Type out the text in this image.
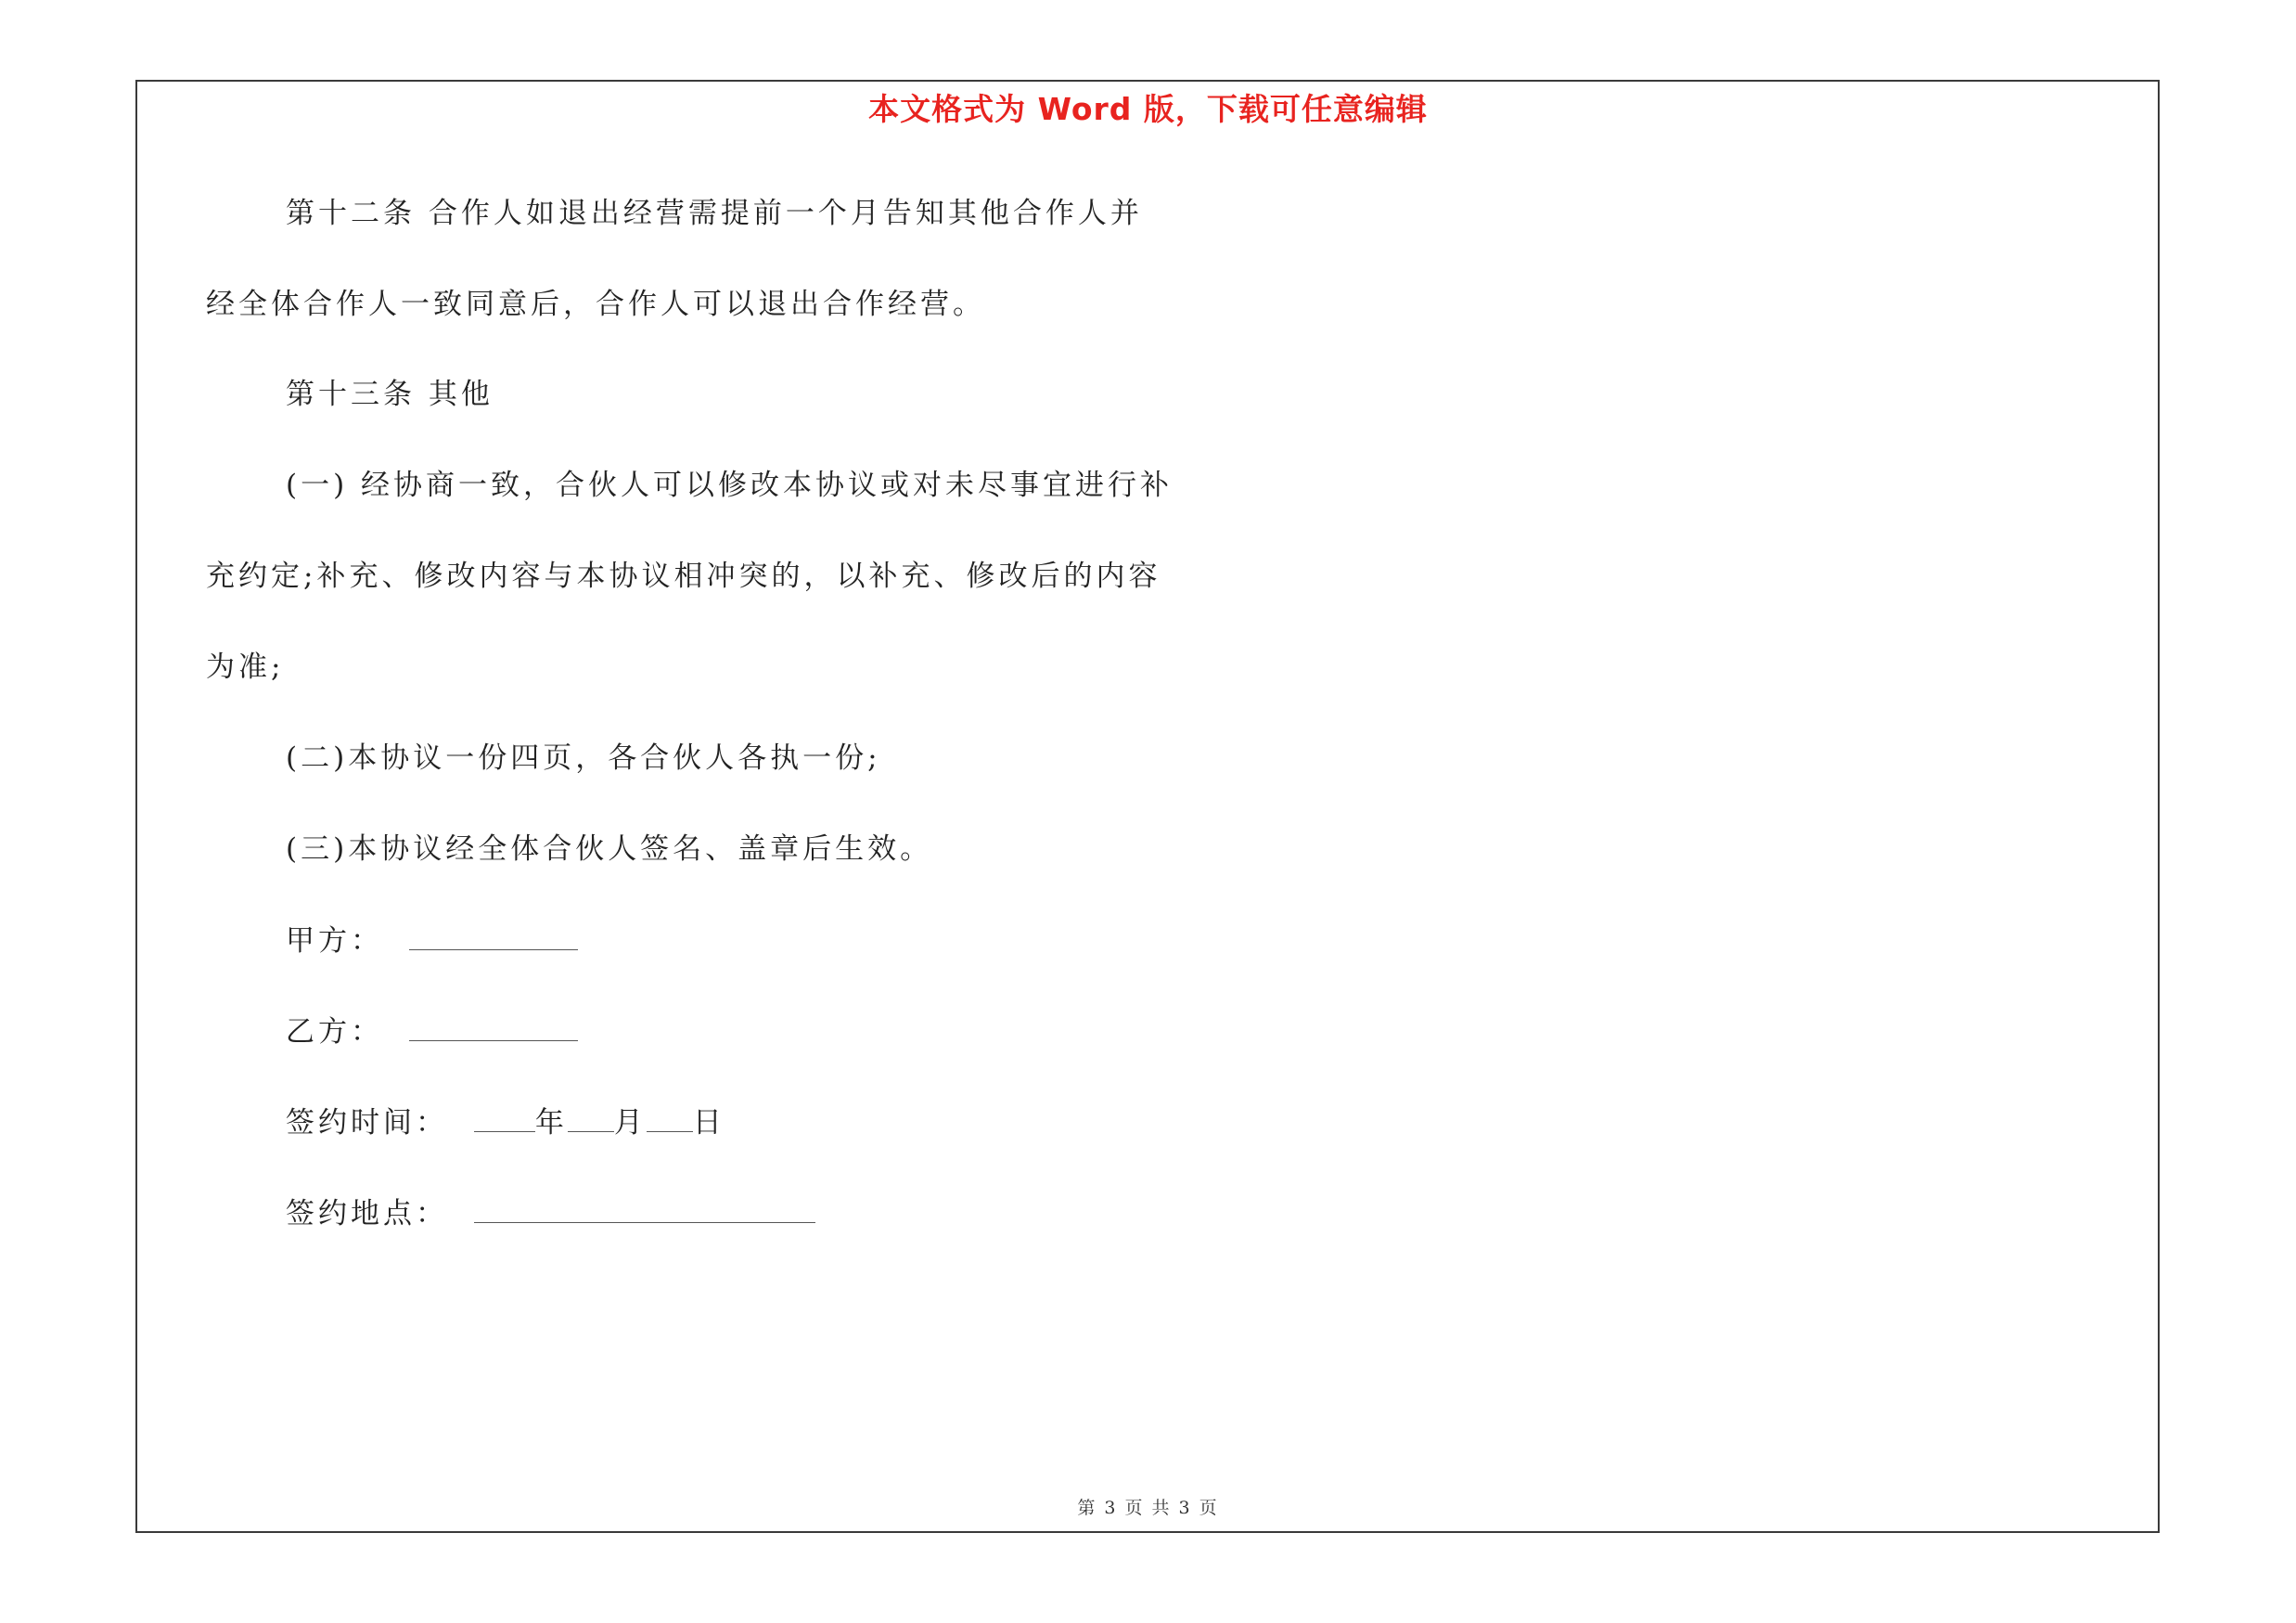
本文格式为 Word 版，下载可任意编辑
第十二条 合作人如退出经营需提前一个月告知其他合作人并
经全体合作人一致同意后，合作人可以退出合作经营。
第十三条 其他
(一) 经协商一致，合伙人可以修改本协议或对未尽事宜进行补
充约定;补充、修改内容与本协议相冲突的，以补充、修改后的内容
为准;
(二)本协议一份四页，各合伙人各执一份;
(三)本协议经全体合伙人签名、盖章后生效。
甲方：
乙方：
签约时间：	年 月 日
签约地点：
第 3 页 共 3 页
